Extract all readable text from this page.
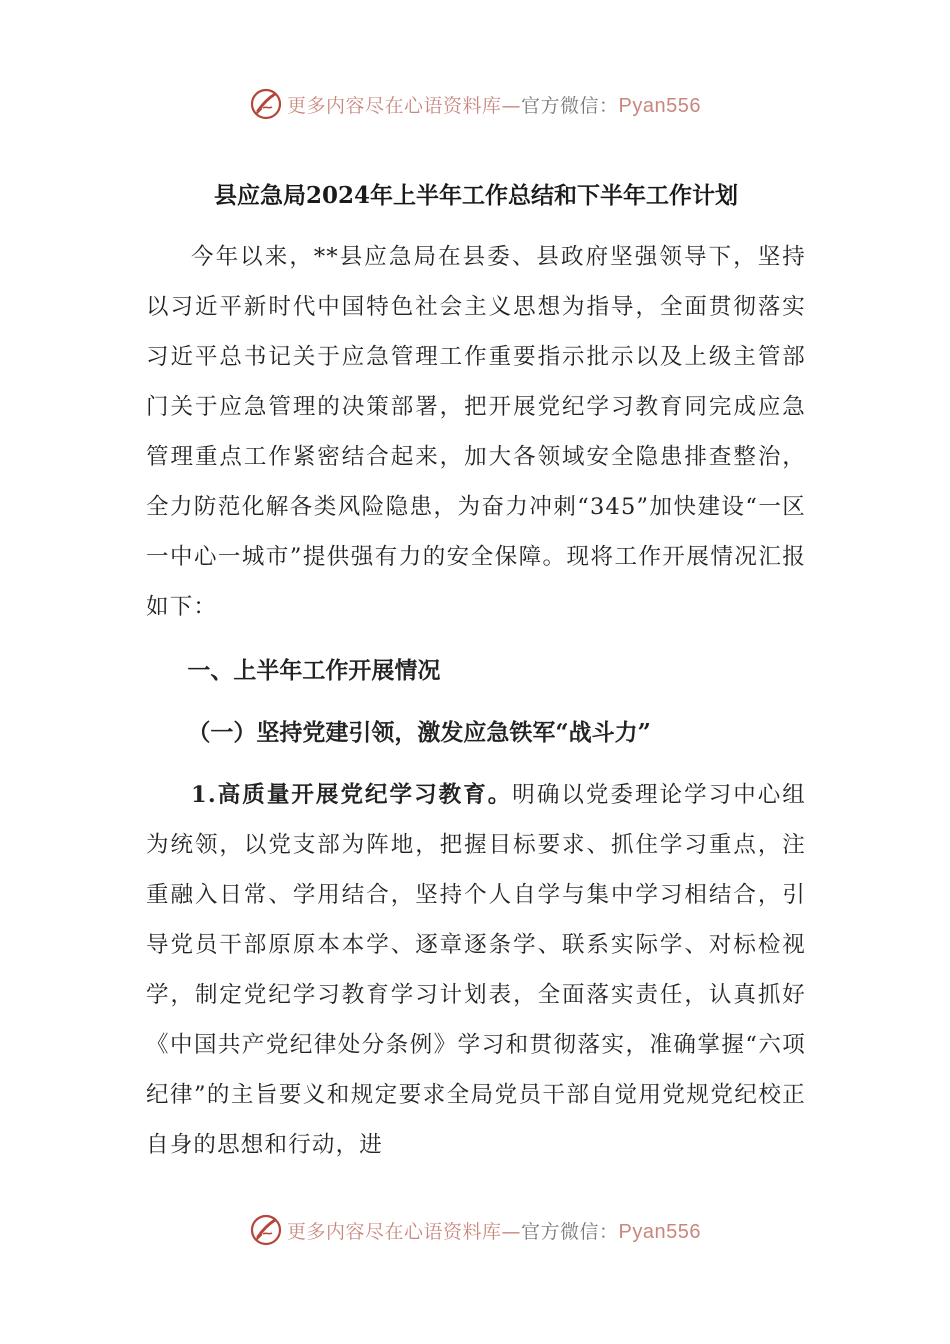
更多内容尽在心语资料库—官方微信：Pyan556
县应急局2024年上半年工作总结和下半年工作计划

今年以来，**县应急局在县委、县政府坚强领导下，坚持以习近平新时代中国特色社会主义思想为指导，全面贯彻落实习近平总书记关于应急管理工作重要指示批示以及上级主管部门关于应急管理的决策部署，把开展党纪学习教育同完成应急管理重点工作紧密结合起来，加大各领域安全隐患排查整治，全力防范化解各类风险隐患，为奋力冲刺“345”加快建设“一区一中心一城市”提供强有力的安全保障。现将工作开展情况汇报如下：

一、上半年工作开展情况

（一）坚持党建引领，激发应急铁军“战斗力”

1.高质量开展党纪学习教育。明确以党委理论学习中心组为统领，以党支部为阵地，把握目标要求、抓住学习重点，注重融入日常、学用结合，坚持个人自学与集中学习相结合，引导党员干部原原本本学、逐章逐条学、联系实际学、对标检视学，制定党纪学习教育学习计划表，全面落实责任，认真抓好《中国共产党纪律处分条例》学习和贯彻落实，准确掌握“六项纪律”的主旨要义和规定要求全局党员干部自觉用党规党纪校正自身的思想和行动，进

更多内容尽在心语资料库—官方微信：Pyan556
